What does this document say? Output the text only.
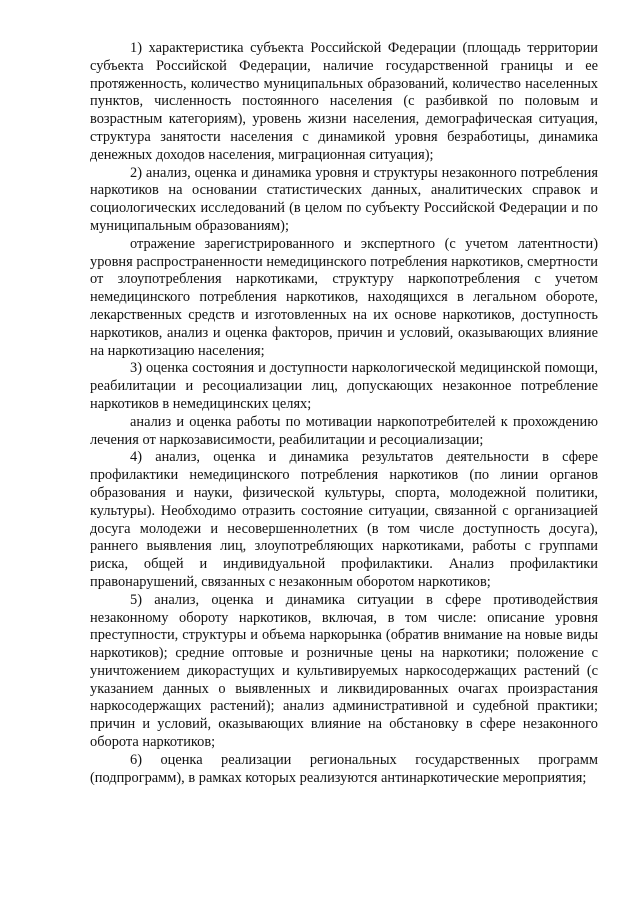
1) характеристика субъекта Российской Федерации (площадь территории субъекта Российской Федерации, наличие государственной границы и ее протяженность, количество муниципальных образований, количество населенных пунктов, численность постоянного населения (с разбивкой по половым и возрастным категориям), уровень жизни населения, демографическая ситуация, структура занятости населения с динамикой уровня безработицы, динамика денежных доходов населения, миграционная ситуация);

2) анализ, оценка и динамика уровня и структуры незаконного потребления наркотиков на основании статистических данных, аналитических справок и социологических исследований (в целом по субъекту Российской Федерации и по муниципальным образованиям);

отражение зарегистрированного и экспертного (с учетом латентности) уровня распространенности немедицинского потребления наркотиков, смертности от злоупотребления наркотиками, структуру наркопотребления с учетом немедицинского потребления наркотиков, находящихся в легальном обороте, лекарственных средств и изготовленных на их основе наркотиков, доступность наркотиков, анализ и оценка факторов, причин и условий, оказывающих влияние на наркотизацию населения;

3) оценка состояния и доступности наркологической медицинской помощи, реабилитации и ресоциализации лиц, допускающих незаконное потребление наркотиков в немедицинских целях;

анализ и оценка работы по мотивации наркопотребителей к прохождению лечения от наркозависимости, реабилитации и ресоциализации;

4) анализ, оценка и динамика результатов деятельности в сфере профилактики немедицинского потребления наркотиков (по линии органов образования и науки, физической культуры, спорта, молодежной политики, культуры). Необходимо отразить состояние ситуации, связанной с организацией досуга молодежи и несовершеннолетних (в том числе доступность досуга), раннего выявления лиц, злоупотребляющих наркотиками, работы с группами риска, общей и индивидуальной профилактики. Анализ профилактики правонарушений, связанных с незаконным оборотом наркотиков;

5) анализ, оценка и динамика ситуации в сфере противодействия незаконному обороту наркотиков, включая, в том числе: описание уровня преступности, структуры и объема наркорынка (обратив внимание на новые виды наркотиков); средние оптовые и розничные цены на наркотики; положение с уничтожением дикорастущих и культивируемых наркосодержащих растений (с указанием данных о выявленных и ликвидированных очагах произрастания наркосодержащих растений); анализ административной и судебной практики; причин и условий, оказывающих влияние на обстановку в сфере незаконного оборота наркотиков;

6) оценка реализации региональных государственных программ (подпрограмм), в рамках которых реализуются антинаркотические мероприятия;
